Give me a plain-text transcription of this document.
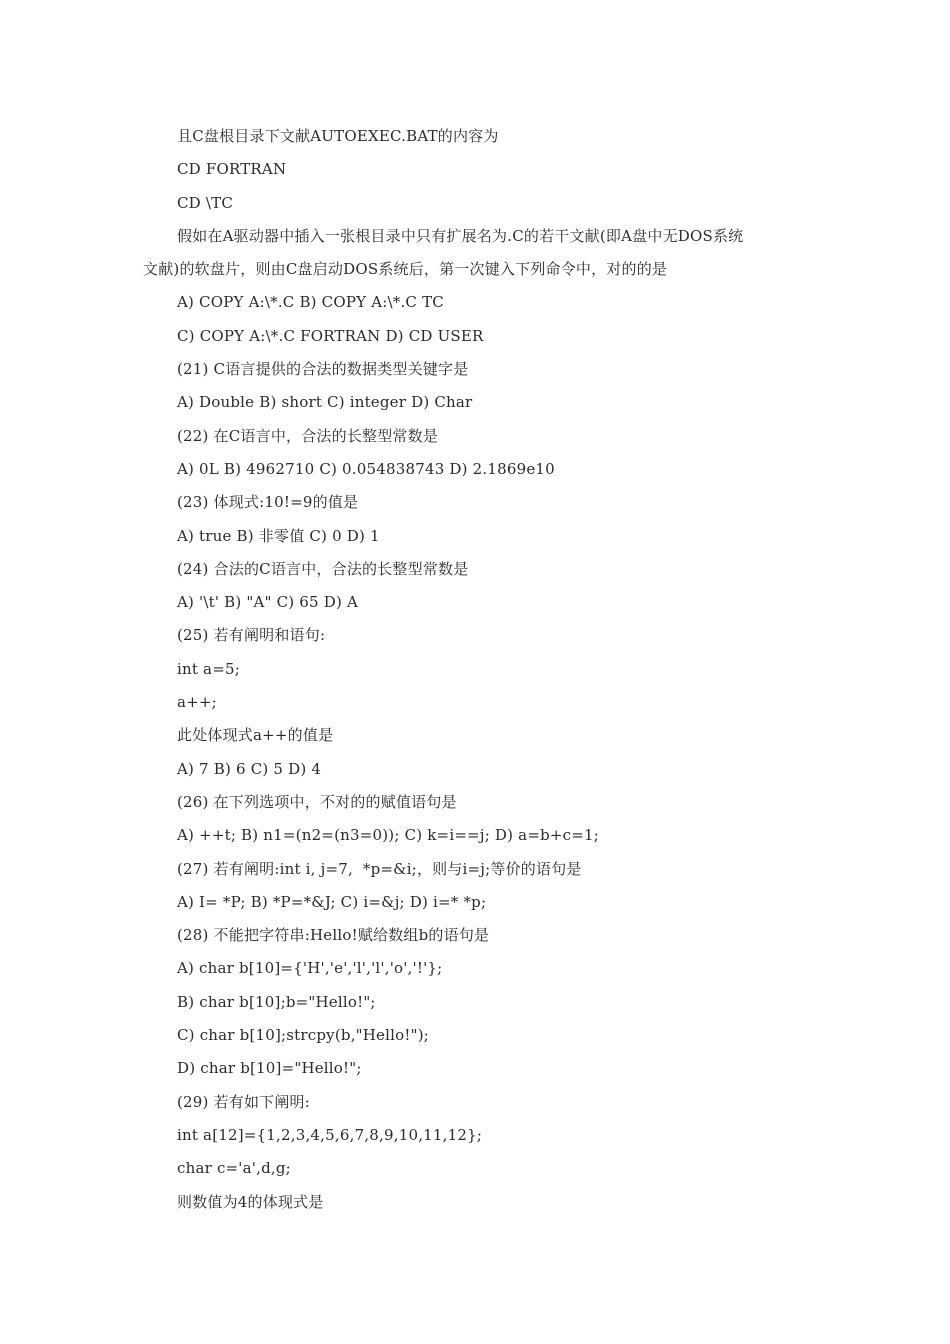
且C盘根目录下文献AUTOEXEC.BAT的内容为
CD FORTRAN
CD \TC
假如在A驱动器中插入一张根目录中只有扩展名为.C的若干文献(即A盘中无DOS系统
文献)的软盘片，则由C盘启动DOS系统后，第一次键入下列命令中，对的的是
A) COPY A:\*.C B) COPY A:\*.C TC
C) COPY A:\*.C FORTRAN D) CD USER
(21) C语言提供的合法的数据类型关键字是
A) Double B) short C) integer D) Char
(22) 在C语言中，合法的长整型常数是
A) 0L B) 4962710 C) 0.054838743 D) 2.1869e10
(23) 体现式:10!=9的值是
A) true B) 非零值 C) 0 D) 1
(24) 合法的C语言中，合法的长整型常数是
A) '\t' B) "A" C) 65 D) A
(25) 若有阐明和语句:
int a=5;
a++;
此处体现式a++的值是
A) 7 B) 6 C) 5 D) 4
(26) 在下列选项中，不对的的赋值语句是
A) ++t; B) n1=(n2=(n3=0)); C) k=i==j; D) a=b+c=1;
(27) 若有阐明:int i, j=7,  *p=&i;，则与i=j;等价的语句是
A) I= *P; B) *P=*&J; C) i=&j; D) i=* *p;
(28) 不能把字符串:Hello!赋给数组b的语句是
A) char b[10]={'H','e','l','l','o','!'};
B) char b[10];b="Hello!";
C) char b[10];strcpy(b,"Hello!");
D) char b[10]="Hello!";
(29) 若有如下阐明:
int a[12]={1,2,3,4,5,6,7,8,9,10,11,12};
char c='a',d,g;
则数值为4的体现式是
